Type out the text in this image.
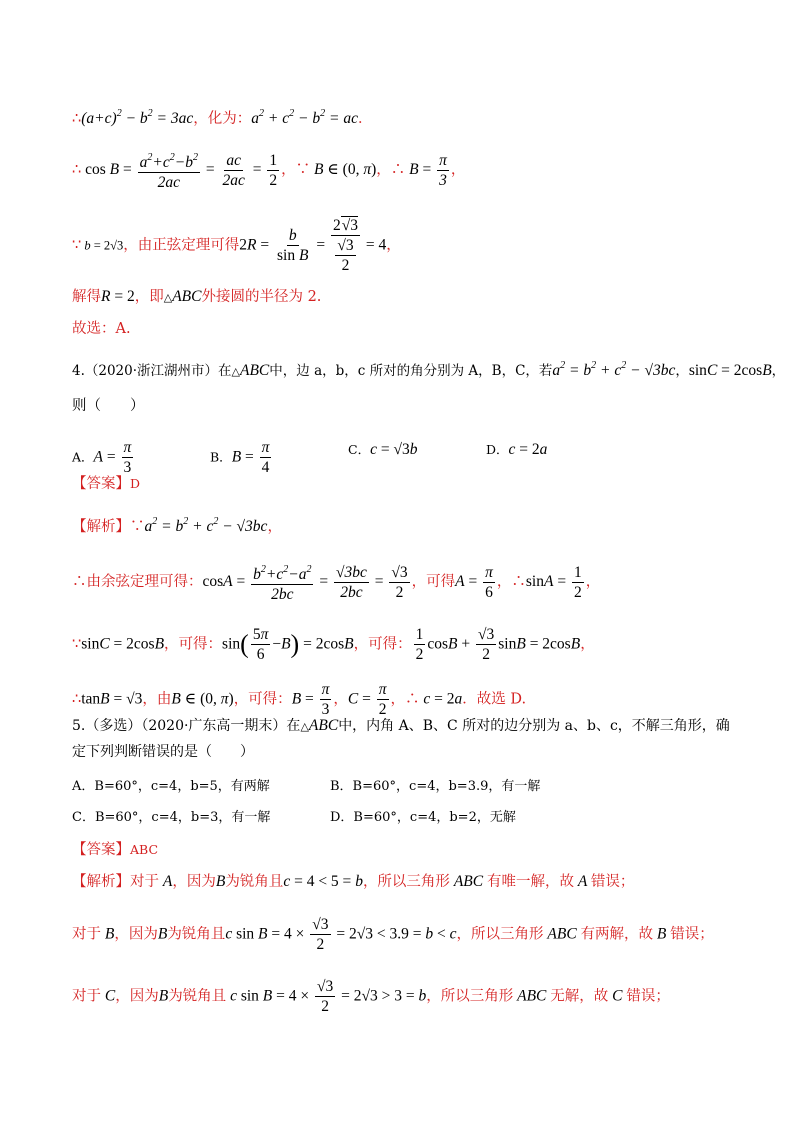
$\therefore(a+c)^2 - b^2 = 3ac$，化为：$a^2 + c^2 - b^2$ = ac．
∴ $\cos B = \frac{a^2+c^2-b^2}{2ac} = \frac{ac}{2ac} = \frac{1}{2}$ ，∵ B ∈ (0, π)，∴ $B = \frac{\pi}{3}$ ，
∵ b = 2√3，由正弦定理可得$2R = \frac{b}{\text{sin B}} = \frac{2√3}{\frac{√3}{2}} = 4$，
解得R = 2，即△ABC外接圆的半径为 2.
故选：A.
4.（2020·浙江湖州市）在△ABC中，边 a，b，c 所对的角分别为 A，B，C，若$a^2 = b^2 + c^2 - √3bc$，sinC = 2cosB，
则（　　）
A．$A = \frac{\pi}{3}$	B．$B = \frac{\pi}{4}$	C．c = √3b	D．c = 2a
【答案】D
【解析】$\because a^2 = b^2 + c^2 - √3bc$，
∴由余弦定理可得：$\cos A = \frac{b^2+c^2-a^2}{2bc} = \frac{√3bc}{2bc} = \frac{√3}{2}$ ，可得$A = \frac{\pi}{6}$ ，∴sinA = $\frac{1}{2}$ ，
∵sinC = 2cosB，可得：$\sin( \frac{5\pi}{6} -B) = 2\cos B$，可得： $\frac{1}{2}$ $\cos B + \frac{√3}{2}$ sinB = 2cosB，
∴tanB = √3，由B ∈ (0, π)，可得：$B = \frac{\pi}{3}$ ，$C = \frac{\pi}{2}$ ，∴ c = 2a．故选 D.
5.（多选）（2020·广东高一期末）在△ABC中，内角 A、B、C 所对的边分别为 a、b、c，不解三角形，确
定下列判断错误的是（　　）
A．B=60°，c=4，b=5，有两解	B．B=60°，c=4，b=3.9，有一解
C．B=60°，c=4，b=3，有一解	D．B=60°，c=4，b=2，无解
【答案】ABC
【解析】对于 A，因为B为锐角且c = 4 < 5 = b，所以三角形 ABC 有唯一解，故 A 错误；
对于 B，因为B为锐角且c $\sin B = 4 \times \frac{√3}{2} = 2√3 < 3.9 = b < c$，所以三角形 ABC 有两解，故 B 错误；
对于 C，因为B为锐角且 c $\sin B = 4 \times \frac{√3}{2} = 2√3 > 3 = b$，所以三角形 ABC 无解，故 C 错误；
